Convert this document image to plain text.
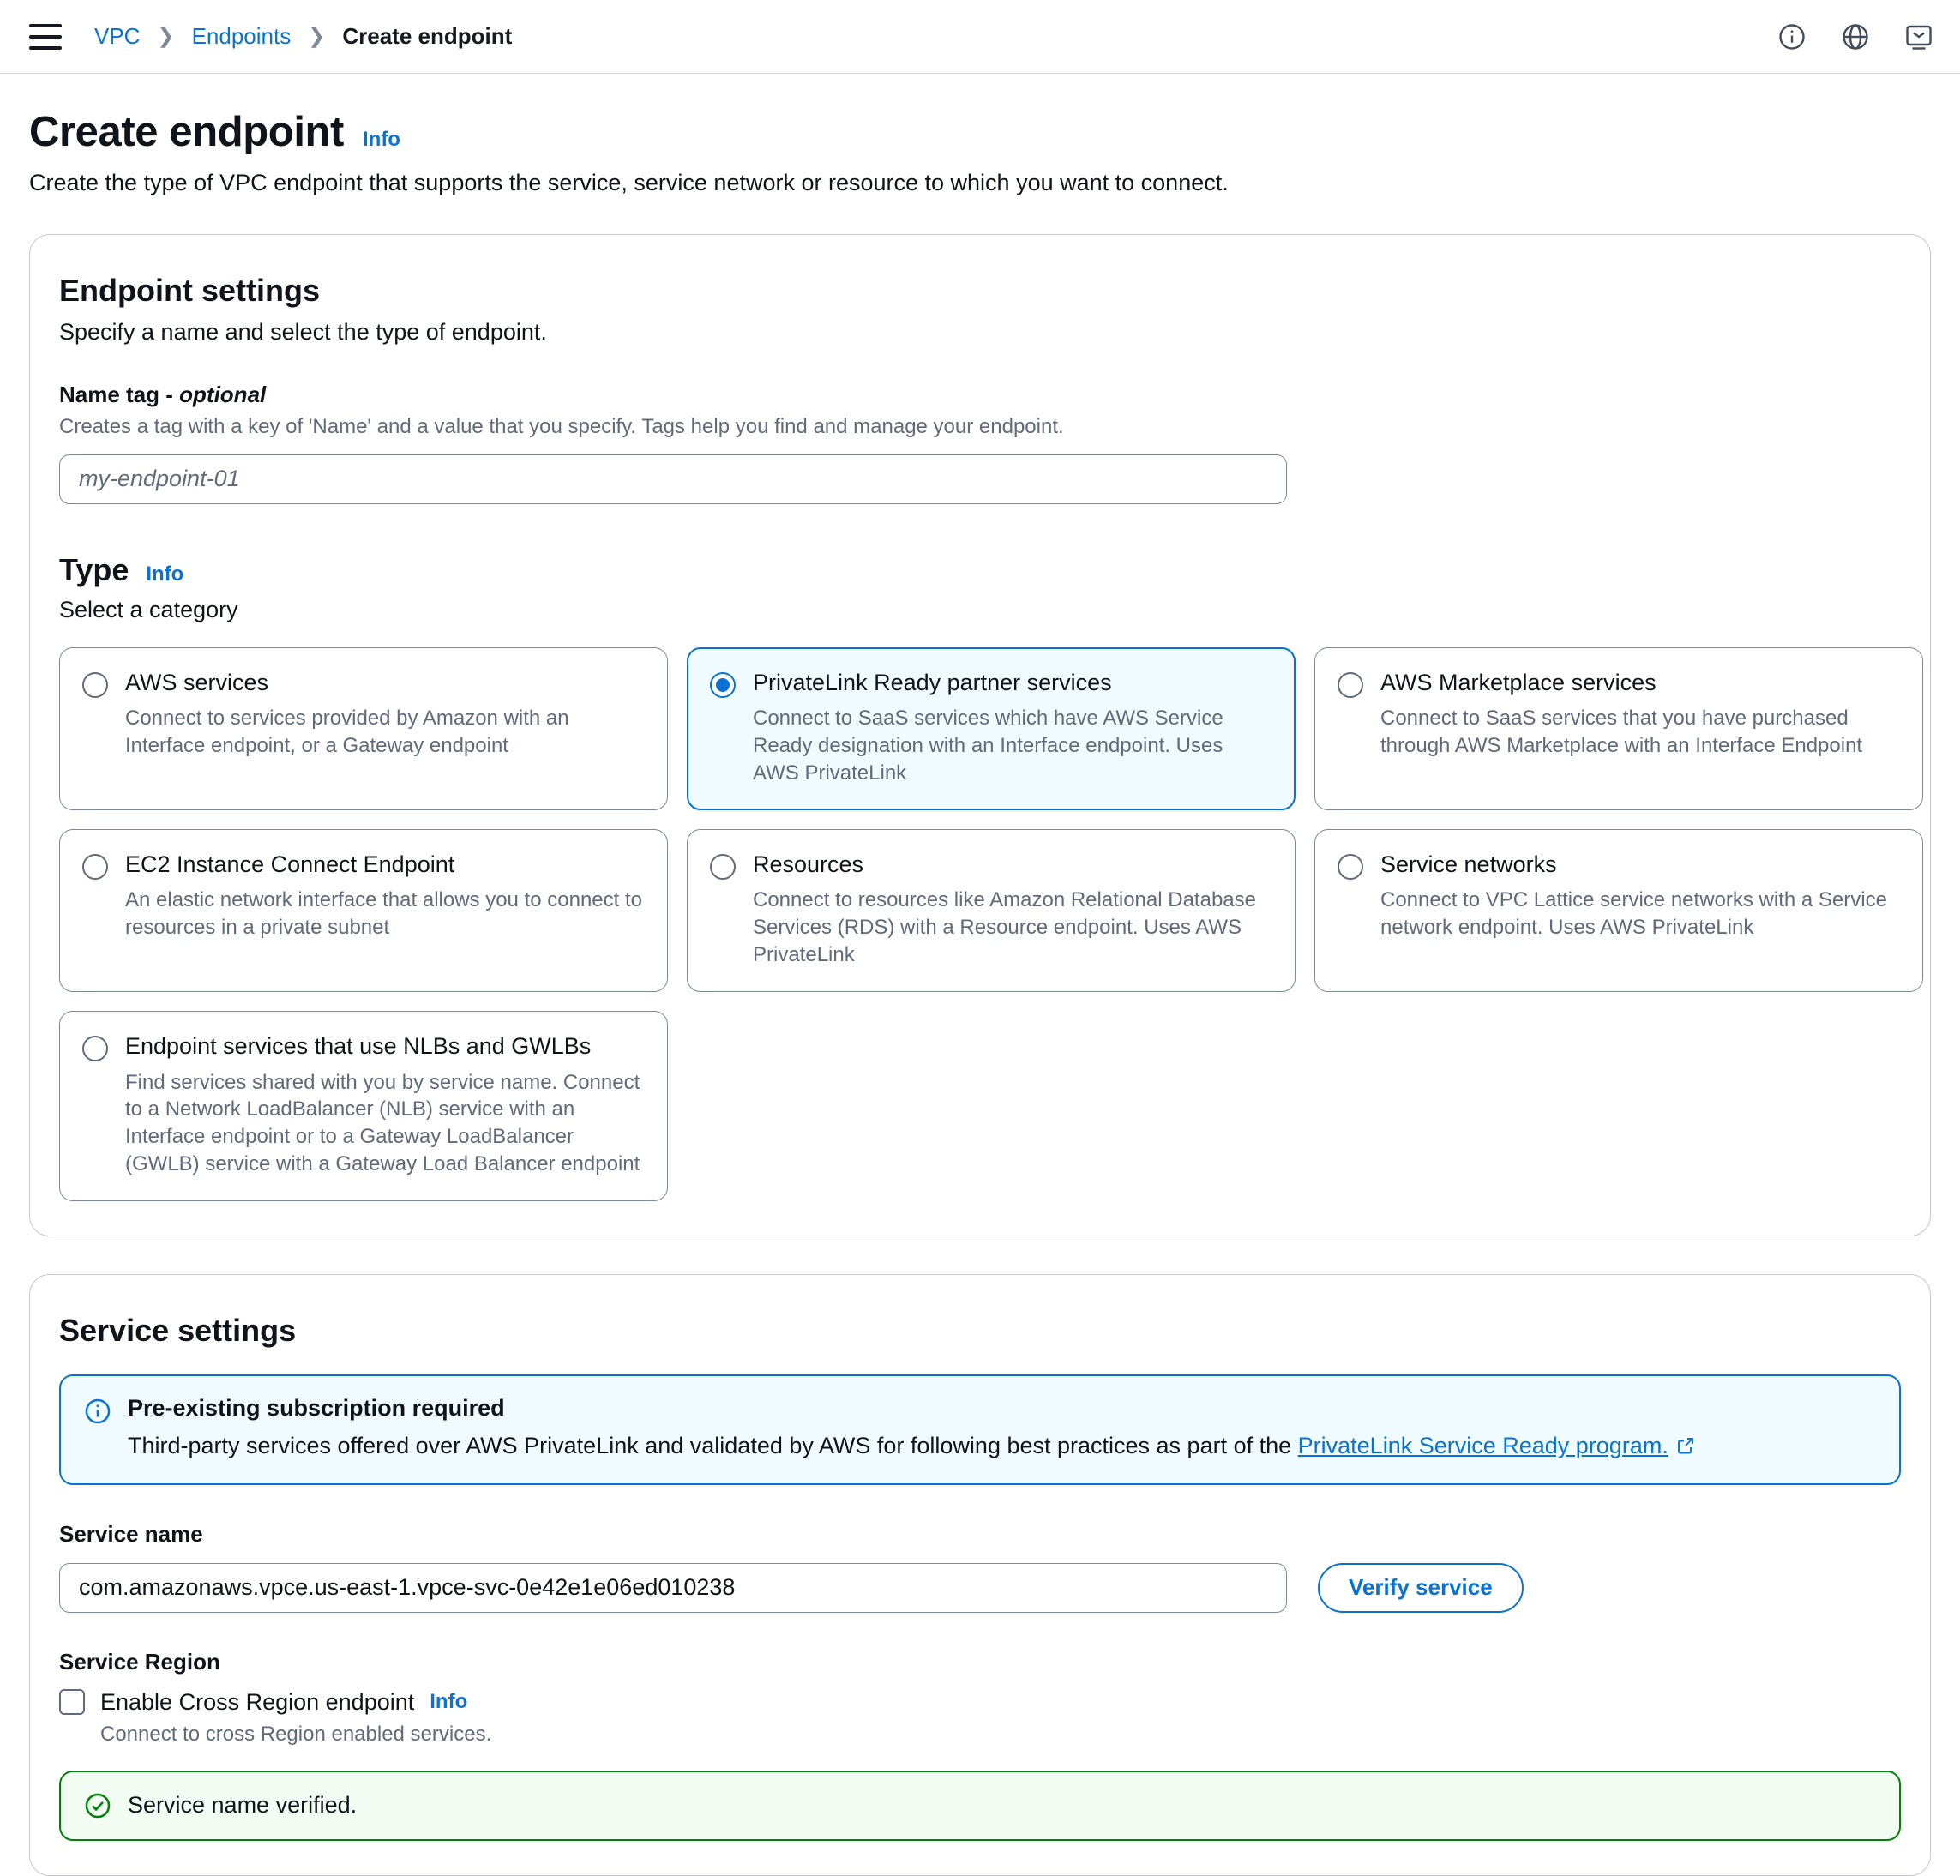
VPC ❯ Endpoints ❯ Create endpoint
Create endpoint Info
Create the type of VPC endpoint that supports the service, service network or resource to which you want to connect.
Endpoint settings
Specify a name and select the type of endpoint.
Name tag - optional
Creates a tag with a key of 'Name' and a value that you specify. Tags help you find and manage your endpoint.
my-endpoint-01
Type Info
Select a category
AWS services
Connect to services provided by Amazon with an Interface endpoint, or a Gateway endpoint
PrivateLink Ready partner services
Connect to SaaS services which have AWS Service Ready designation with an Interface endpoint. Uses AWS PrivateLink
AWS Marketplace services
Connect to SaaS services that you have purchased through AWS Marketplace with an Interface Endpoint
EC2 Instance Connect Endpoint
An elastic network interface that allows you to connect to resources in a private subnet
Resources
Connect to resources like Amazon Relational Database Services (RDS) with a Resource endpoint. Uses AWS PrivateLink
Service networks
Connect to VPC Lattice service networks with a Service network endpoint. Uses AWS PrivateLink
Endpoint services that use NLBs and GWLBs
Find services shared with you by service name. Connect to a Network LoadBalancer (NLB) service with an Interface endpoint or to a Gateway LoadBalancer (GWLB) service with a Gateway Load Balancer endpoint
Service settings
Pre-existing subscription required
Third-party services offered over AWS PrivateLink and validated by AWS for following best practices as part of the PrivateLink Service Ready program.
Service name
com.amazonaws.vpce.us-east-1.vpce-svc-0e42e1e06ed010238
Verify service
Service Region
Enable Cross Region endpoint Info
Connect to cross Region enabled services.
Service name verified.
